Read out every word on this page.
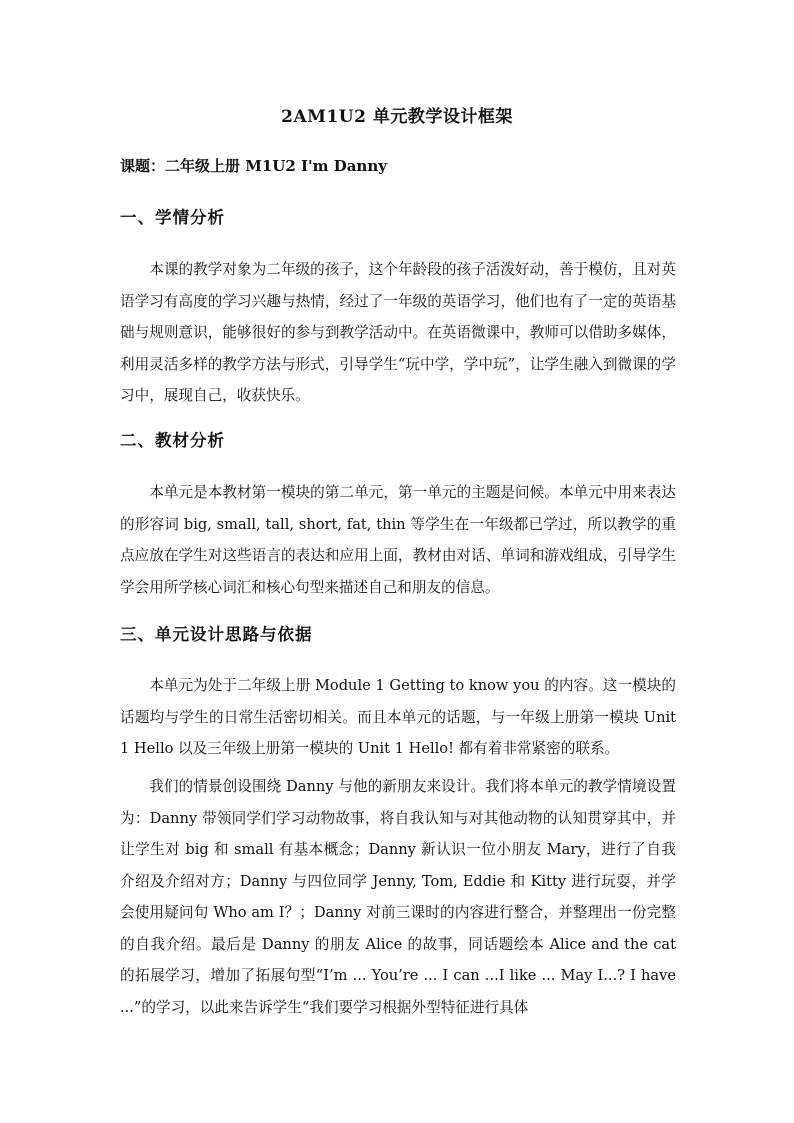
2AM1U2 单元教学设计框架
课题：二年级上册 M1U2 I'm Danny
一、学情分析

本课的教学对象为二年级的孩子，这个年龄段的孩子活泼好动，善于模仿，且对英语学习有高度的学习兴趣与热情，经过了一年级的英语学习，他们也有了一定的英语基础与规则意识，能够很好的参与到教学活动中。在英语微课中，教师可以借助多媒体，利用灵活多样的教学方法与形式，引导学生“玩中学，学中玩”，让学生融入到微课的学习中，展现自己，收获快乐。

二、教材分析

本单元是本教材第一模块的第二单元，第一单元的主题是问候。本单元中用来表达的形容词 big, small, tall, short, fat, thin 等学生在一年级都已学过，所以教学的重点应放在学生对这些语言的表达和应用上面，教材由对话、单词和游戏组成，引导学生学会用所学核心词汇和核心句型来描述自己和朋友的信息。

三、单元设计思路与依据

本单元为处于二年级上册 Module 1 Getting to know you 的内容。这一模块的话题均与学生的日常生活密切相关。而且本单元的话题，与一年级上册第一模块 Unit 1 Hello 以及三年级上册第一模块的 Unit 1 Hello! 都有着非常紧密的联系。

我们的情景创设围绕 Danny 与他的新朋友来设计。我们将本单元的教学情境设置为：Danny 带领同学们学习动物故事，将自我认知与对其他动物的认知贯穿其中，并让学生对 big 和 small 有基本概念；Danny 新认识一位小朋友 Mary，进行了自我介绍及介绍对方；Danny 与四位同学 Jenny, Tom, Eddie 和 Kitty 进行玩耍，并学会使用疑问句 Who am I？；Danny 对前三课时的内容进行整合，并整理出一份完整的自我介绍。最后是 Danny 的朋友 Alice 的故事，同话题绘本 Alice and the cat 的拓展学习，增加了拓展句型“I’m ... You’re ... I can ...I like ... May I...? I have ...”的学习，以此来告诉学生“我们要学习根据外型特征进行具体
